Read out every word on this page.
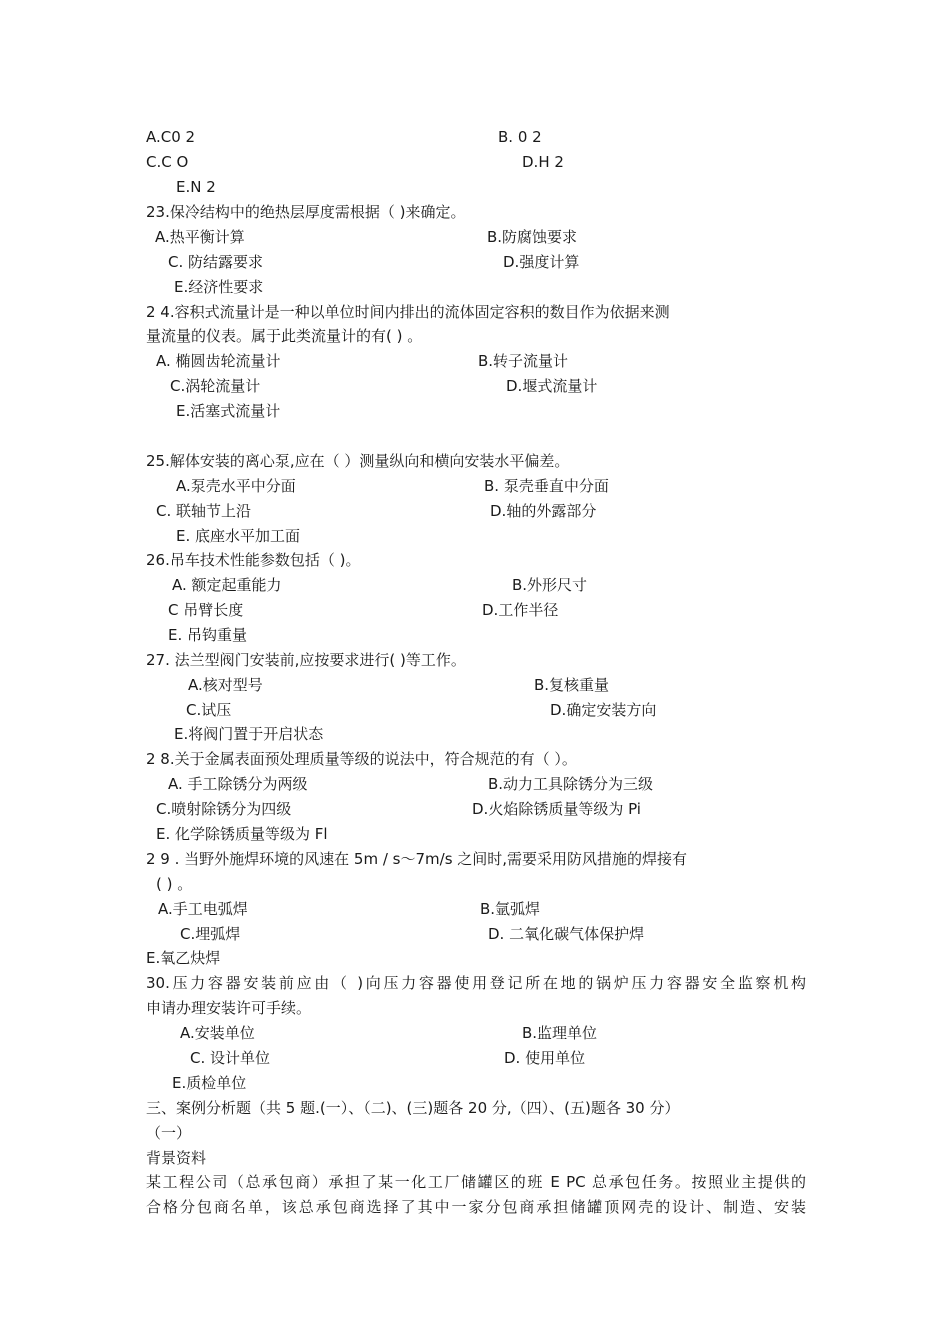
A.C0 2	B. 0 2
C.C O	D.H 2
E.N 2
23.保冷结构中的绝热层厚度需根据（ )来确定。
A.热平衡计算	B.防腐蚀要求
C. 防结露要求	D.强度计算
E.经济性要求
2 4.容积式流量计是一种以单位时间内排出的流体固定容积的数目作为依据来测
量流量的仪表。属于此类流量计的有( ) 。
A. 椭圆齿轮流量计	B.转子流量计
C.涡轮流量计	D.堰式流量计
E.活塞式流量计
25.解体安装的离心泵,应在（ ）测量纵向和横向安装水平偏差。
A.泵壳水平中分面	B. 泵壳垂直中分面
C. 联轴节上沿	D.轴的外露部分
E. 底座水平加工面
26.吊车技术性能参数包括（ )。
A. 额定起重能力	B.外形尺寸
C 吊臂长度	D.工作半径
E. 吊钩重量
27. 法兰型阀门安装前,应按要求进行( )等工作。
A.核对型号	B.复核重量
C.试压	D.确定安装方向
E.将阀门置于开启状态
2 8.关于金属表面预处理质量等级的说法中，符合规范的有（ ）。
A. 手工除锈分为两级	B.动力工具除锈分为三级
C.喷射除锈分为四级	D.火焰除锈质量等级为 Pi
E. 化学除锈质量等级为 Fl
2 9 . 当野外施焊环境的风速在 5m / s～7m/s 之间时,需要采用防风措施的焊接有
( ) 。
A.手工电弧焊	B.氩弧焊
C.埋弧焊	D. 二氧化碳气体保护焊
E.氧乙炔焊
30.压力容器安装前应由（ )向压力容器使用登记所在地的锅炉压力容器安全监察机构
申请办理安装许可手续。
A.安装单位	B.监理单位
C. 设计单位	D. 使用单位
E.质检单位
三、案例分析题（共 5 题.(一）、（二)、(三)题各 20 分,（四）、(五)题各 30 分）
（一）
背景资料
某工程公司（总承包商）承担了某一化工厂储罐区的班 E PC 总承包任务。按照业主提供的
合格分包商名单，该总承包商选择了其中一家分包商承担储罐顶网壳的设计、制造、安装
